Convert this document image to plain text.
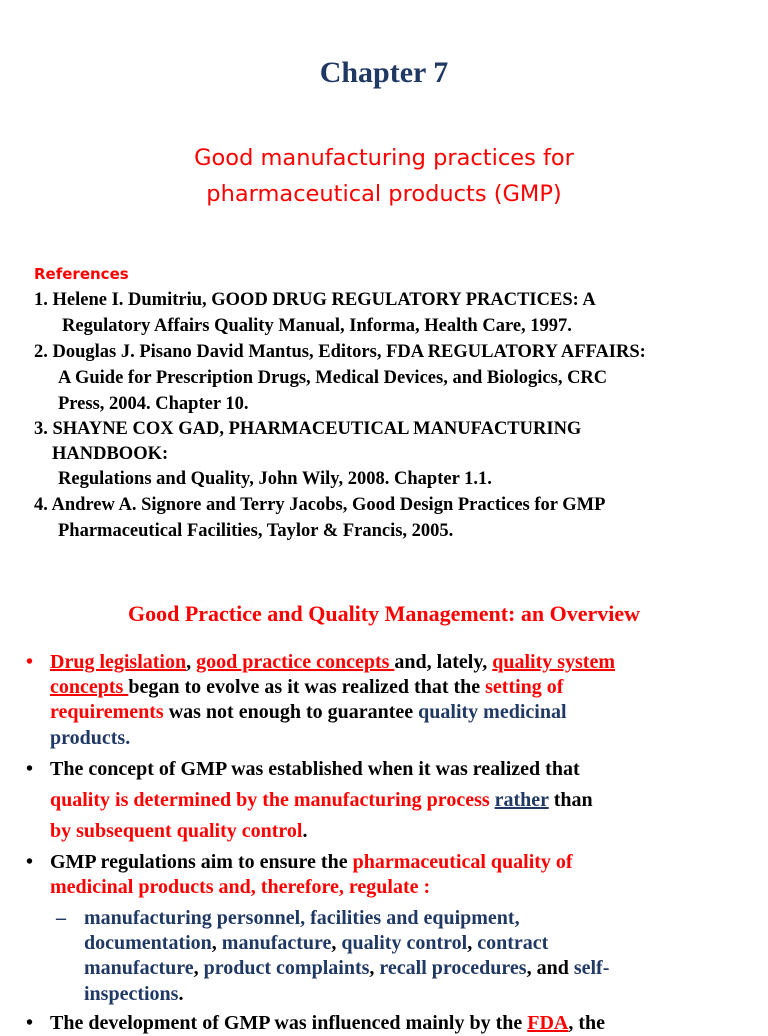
Chapter 7
Good manufacturing practices for
pharmaceutical products (GMP)
References
1. Helene I. Dumitriu, GOOD DRUG REGULATORY PRACTICES: A
Regulatory Affairs Quality Manual, Informa, Health Care, 1997.
2. Douglas J. Pisano David Mantus, Editors, FDA REGULATORY AFFAIRS:
A Guide for Prescription Drugs, Medical Devices, and Biologics, CRC
Press, 2004. Chapter 10.
3. SHAYNE COX GAD, PHARMACEUTICAL MANUFACTURING
HANDBOOK:
Regulations and Quality, John Wily, 2008. Chapter 1.1.
4. Andrew A. Signore and Terry Jacobs, Good Design Practices for GMP
Pharmaceutical Facilities, Taylor & Francis, 2005.
Good Practice and Quality Management: an Overview
• Drug legislation, good practice concepts and, lately, quality system
concepts began to evolve as it was realized that the setting of
requirements was not enough to guarantee quality medicinal
products.
• The concept of GMP was established when it was realized that
quality is determined by the manufacturing process rather than
by subsequent quality control.
• GMP regulations aim to ensure the pharmaceutical quality of
medicinal products and, therefore, regulate :
– manufacturing personnel, facilities and equipment,
documentation, manufacture, quality control, contract
manufacture, product complaints, recall procedures, and self-
inspections.
• The development of GMP was influenced mainly by the FDA, the
